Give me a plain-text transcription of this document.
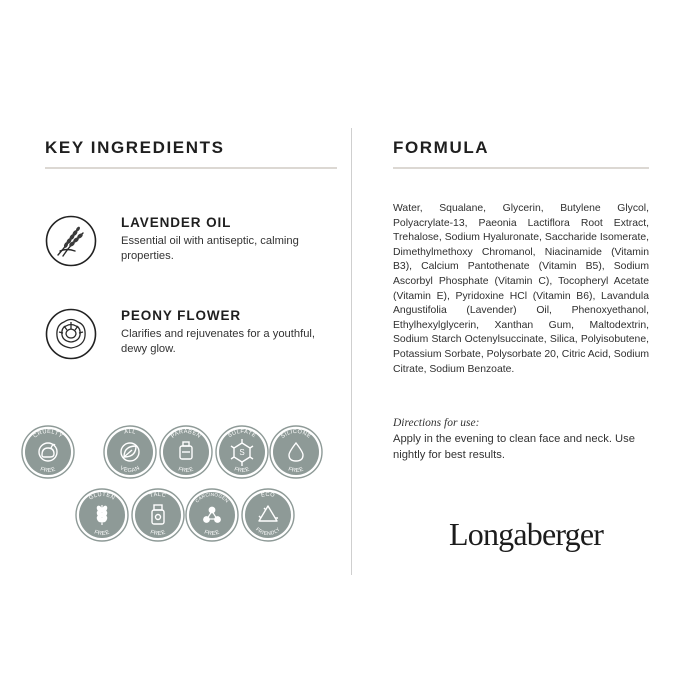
KEY INGREDIENTS
LAVENDER OIL
Essential oil with antiseptic, calming properties.
PEONY FLOWER
Clarifies and rejuvenates for a youthful, dewy glow.
CRUELTY
FREE
ALL
VEGAN
PARABEN
FREE
SULFATE
FREE
S
SILICONE
FREE
GLUTEN
FREE
TALC
FREE
CARCINOGEN
FREE
ECO
FRIENDLY
FORMULA

Water, Squalane, Glycerin, Butylene Glycol, Polyacrylate-13, Paeonia Lactiflora Root Extract, Trehalose, Sodium Hyaluronate, Saccharide Isomerate, Dimethylmethoxy Chromanol, Niacinamide (Vitamin B3), Calcium Pantothenate (Vitamin B5), Sodium Ascorbyl Phosphate (Vitamin C), Tocopheryl Acetate (Vitamin E), Pyridoxine HCl (Vitamin B6), Lavandula Angustifolia (Lavender) Oil, Phenoxyethanol, Ethylhexylglycerin, Xanthan Gum, Maltodextrin, Sodium Starch Octenylsuccinate, Silica, Polyisobutene, Potassium Sorbate, Polysorbate 20, Citric Acid, Sodium Citrate, Sodium Benzoate.

Directions for use:
Apply in the evening to clean face and neck. Use nightly for best results.
Longaberger
